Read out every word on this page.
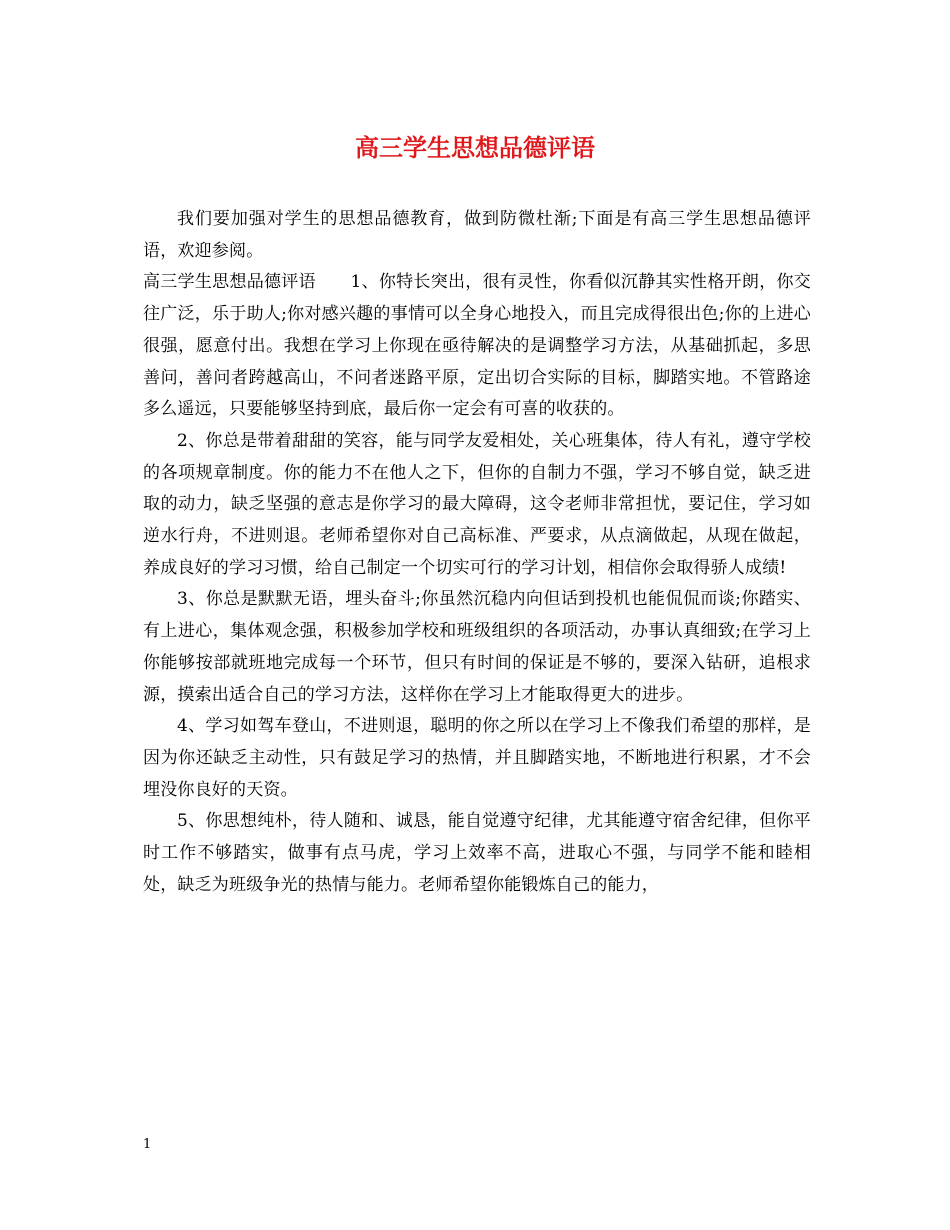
高三学生思想品德评语

我们要加强对学生的思想品德教育，做到防微杜渐;下面是有高三学生思想品德评语，欢迎参阅。

高三学生思想品德评语　　1、你特长突出，很有灵性，你看似沉静其实性格开朗，你交往广泛，乐于助人;你对感兴趣的事情可以全身心地投入，而且完成得很出色;你的上进心很强，愿意付出。我想在学习上你现在亟待解决的是调整学习方法，从基础抓起，多思善问，善问者跨越高山，不问者迷路平原，定出切合实际的目标，脚踏实地。不管路途多么遥远，只要能够坚持到底，最后你一定会有可喜的收获的。

2、你总是带着甜甜的笑容，能与同学友爱相处，关心班集体，待人有礼，遵守学校的各项规章制度。你的能力不在他人之下，但你的自制力不强，学习不够自觉，缺乏进取的动力，缺乏坚强的意志是你学习的最大障碍，这令老师非常担忧，要记住，学习如逆水行舟，不进则退。老师希望你对自己高标准、严要求，从点滴做起，从现在做起，养成良好的学习习惯，给自己制定一个切实可行的学习计划，相信你会取得骄人成绩!

3、你总是默默无语，埋头奋斗;你虽然沉稳内向但话到投机也能侃侃而谈;你踏实、有上进心，集体观念强，积极参加学校和班级组织的各项活动，办事认真细致;在学习上你能够按部就班地完成每一个环节，但只有时间的保证是不够的，要深入钻研，追根求源，摸索出适合自己的学习方法，这样你在学习上才能取得更大的进步。

4、学习如驾车登山，不进则退，聪明的你之所以在学习上不像我们希望的那样，是因为你还缺乏主动性，只有鼓足学习的热情，并且脚踏实地，不断地进行积累，才不会埋没你良好的天资。

5、你思想纯朴，待人随和、诚恳，能自觉遵守纪律，尤其能遵守宿舍纪律，但你平时工作不够踏实，做事有点马虎，学习上效率不高，进取心不强，与同学不能和睦相处，缺乏为班级争光的热情与能力。老师希望你能锻炼自己的能力，

1
